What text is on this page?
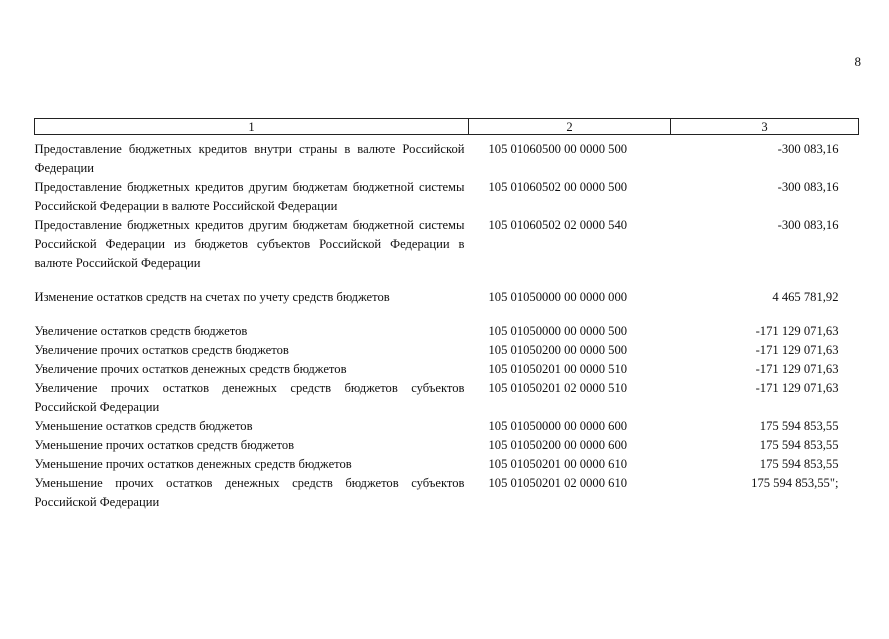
8
1	2	3

Предоставление бюджетных кредитов внутри страны в валюте Российской Федерации	105 01060500 00 0000 500	-300 083,16
Предоставление бюджетных кредитов другим бюджетам бюджетной системы Российской Федерации в валюте Российской Федерации	105 01060502 00 0000 500	-300 083,16
Предоставление бюджетных кредитов другим бюджетам бюджетной системы Российской Федерации из бюджетов субъектов Российской Федерации в валюте Российской Федерации	105 01060502 02 0000 540	-300 083,16
Изменение остатков средств на счетах по учету средств бюджетов	105 01050000 00 0000 000	4 465 781,92
Увеличение остатков средств бюджетов	105 01050000 00 0000 500	-171 129 071,63
Увеличение прочих остатков средств бюджетов	105 01050200 00 0000 500	-171 129 071,63
Увеличение прочих остатков денежных средств бюджетов	105 01050201 00 0000 510	-171 129 071,63
Увеличение прочих остатков денежных средств бюджетов субъектов Российской Федерации	105 01050201 02 0000 510	-171 129 071,63
Уменьшение остатков средств бюджетов	105 01050000 00 0000 600	175 594 853,55
Уменьшение прочих остатков средств бюджетов	105 01050200 00 0000 600	175 594 853,55
Уменьшение прочих остатков денежных средств бюджетов	105 01050201 00 0000 610	175 594 853,55
Уменьшение прочих остатков денежных средств бюджетов субъектов Российской Федерации	105 01050201 02 0000 610	175 594 853,55";
